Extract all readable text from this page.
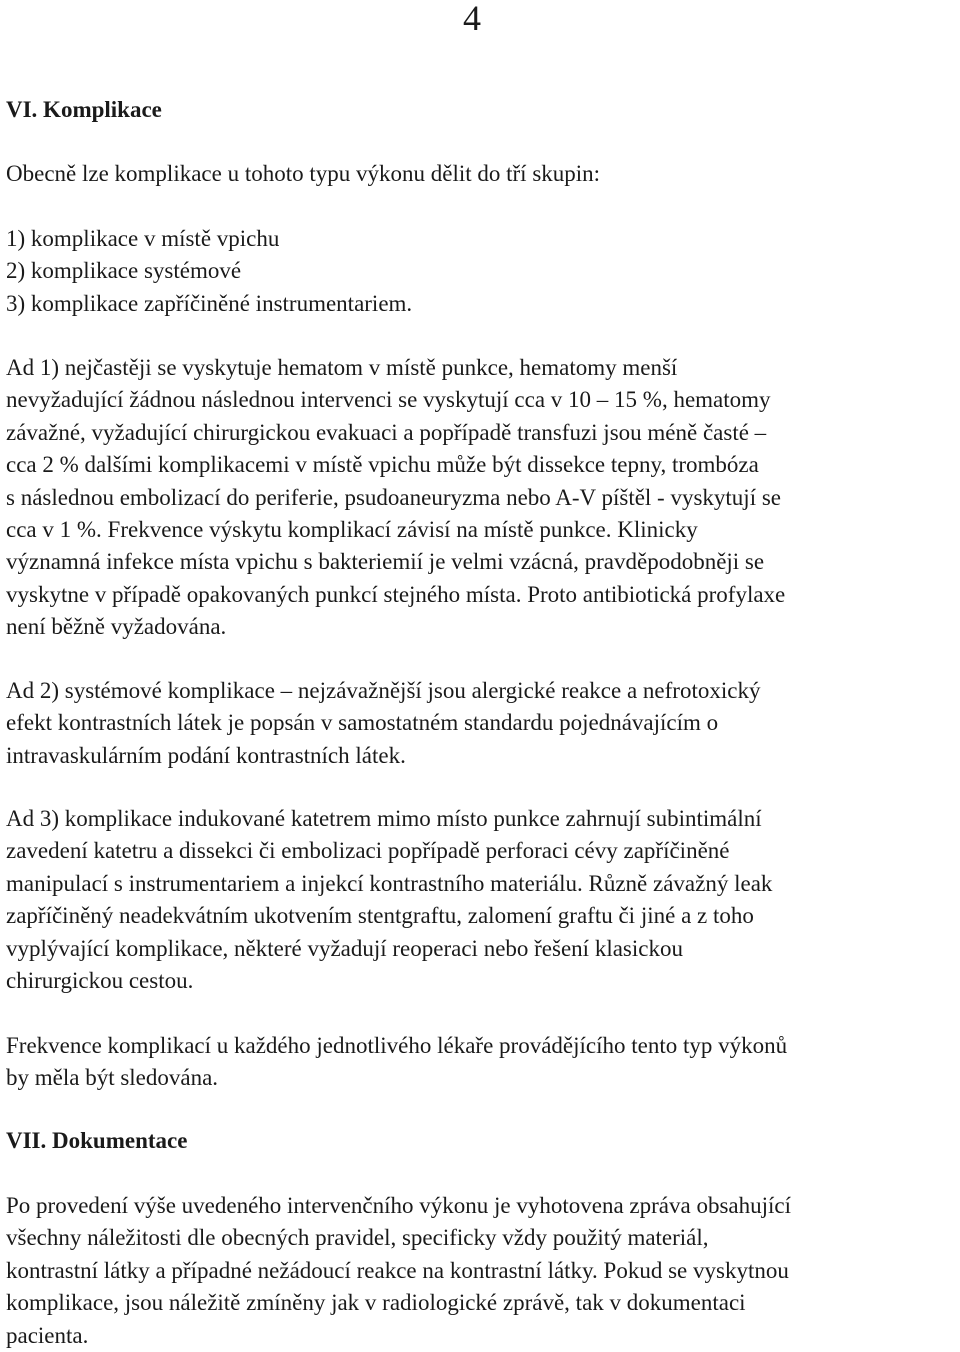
4
VI. Komplikace
Obecně lze komplikace u tohoto typu výkonu dělit do tří skupin:
1) komplikace v místě vpichu
2) komplikace systémové
3) komplikace zapříčiněné instrumentariem.
Ad 1) nejčastěji se vyskytuje hematom v místě punkce, hematomy menší
nevyžadující žádnou následnou intervenci se vyskytují cca v 10 – 15 %, hematomy
závažné, vyžadující chirurgickou evakuaci a popřípadě transfuzi jsou méně časté –
cca 2 % dalšími komplikacemi v místě vpichu může být dissekce tepny, trombóza
s následnou embolizací do periferie, psudoaneuryzma nebo A-V píštěl - vyskytují se
cca v 1 %. Frekvence výskytu komplikací závisí na místě punkce. Klinicky
významná infekce místa vpichu s bakteriemií je velmi vzácná, pravděpodobněji se
vyskytne v případě opakovaných punkcí stejného místa. Proto antibiotická profylaxe
není běžně vyžadována.
Ad 2) systémové komplikace – nejzávažnější jsou alergické reakce a nefrotoxický
efekt kontrastních látek je popsán v samostatném standardu pojednávajícím o
intravaskulárním podání kontrastních látek.
Ad 3) komplikace indukované katetrem mimo místo punkce zahrnují subintimální
zavedení katetru a dissekci či embolizaci popřípadě perforaci cévy zapříčiněné
manipulací s instrumentariem a injekcí kontrastního materiálu. Různě závažný leak
zapříčiněný neadekvátním ukotvením stentgraftu, zalomení graftu či jiné a z toho
vyplývající komplikace, některé vyžadují reoperaci nebo řešení klasickou
chirurgickou cestou.
Frekvence komplikací u každého jednotlivého lékaře provádějícího tento typ výkonů
by měla být sledována.
VII. Dokumentace
Po provedení výše uvedeného intervenčního výkonu je vyhotovena zpráva obsahující
všechny náležitosti dle obecných pravidel, specificky vždy použitý materiál,
kontrastní látky a případné nežádoucí reakce na kontrastní látky. Pokud se vyskytnou
komplikace, jsou náležitě zmíněny jak v radiologické zprávě, tak v dokumentaci
pacienta.
